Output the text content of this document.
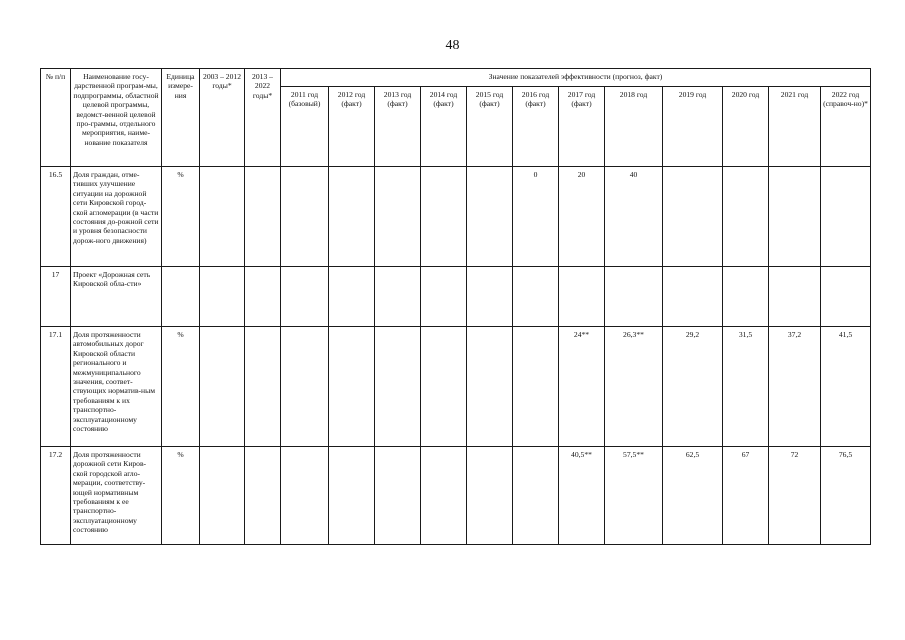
48
№ п/п	Наименование госу-дарственной програм-мы, подпрограммы, областной целевой программы, ведомст-венной целевой про-граммы, отдельного мероприятия, наиме-нование показателя	Единица измере-ния	2003 – 2012 годы*	2013 – 2022 годы*	Значение показателей эффективности (прогноз, факт)											
					2011 год (базовый)	2012 год (факт)	2013 год (факт)	2014 год (факт)	2015 год (факт)	2016 год (факт)	2017 год (факт)	2018 год	2019 год	2020 год	2021 год	2022 год (справоч-но)*
16.5	Доля граждан, отме-тивших улучшение ситуации на дорожной сети Кировской город-ской агломерации (в части состояния до-рожной сети и уровня безопасности дорож-ного движения)	%								0	20	40				
17	Проект «Дорожная сеть Кировской обла-сти»															
17.1	Доля протяженности автомобильных дорог Кировской области регионального и межмуниципального значения, соответ-ствующих норматив-ным требованиям к их транспортно-эксплуатационному состоянию	%									24**	26,3**	29,2	31,5	37,2	41,5
17.2	Доля протяженности дорожной сети Киров-ской городской агло-мерации, соответству-ющей нормативным требованиям к ее транспортно-эксплуатационному состоянию	%									40,5**	57,5**	62,5	67	72	76,5
